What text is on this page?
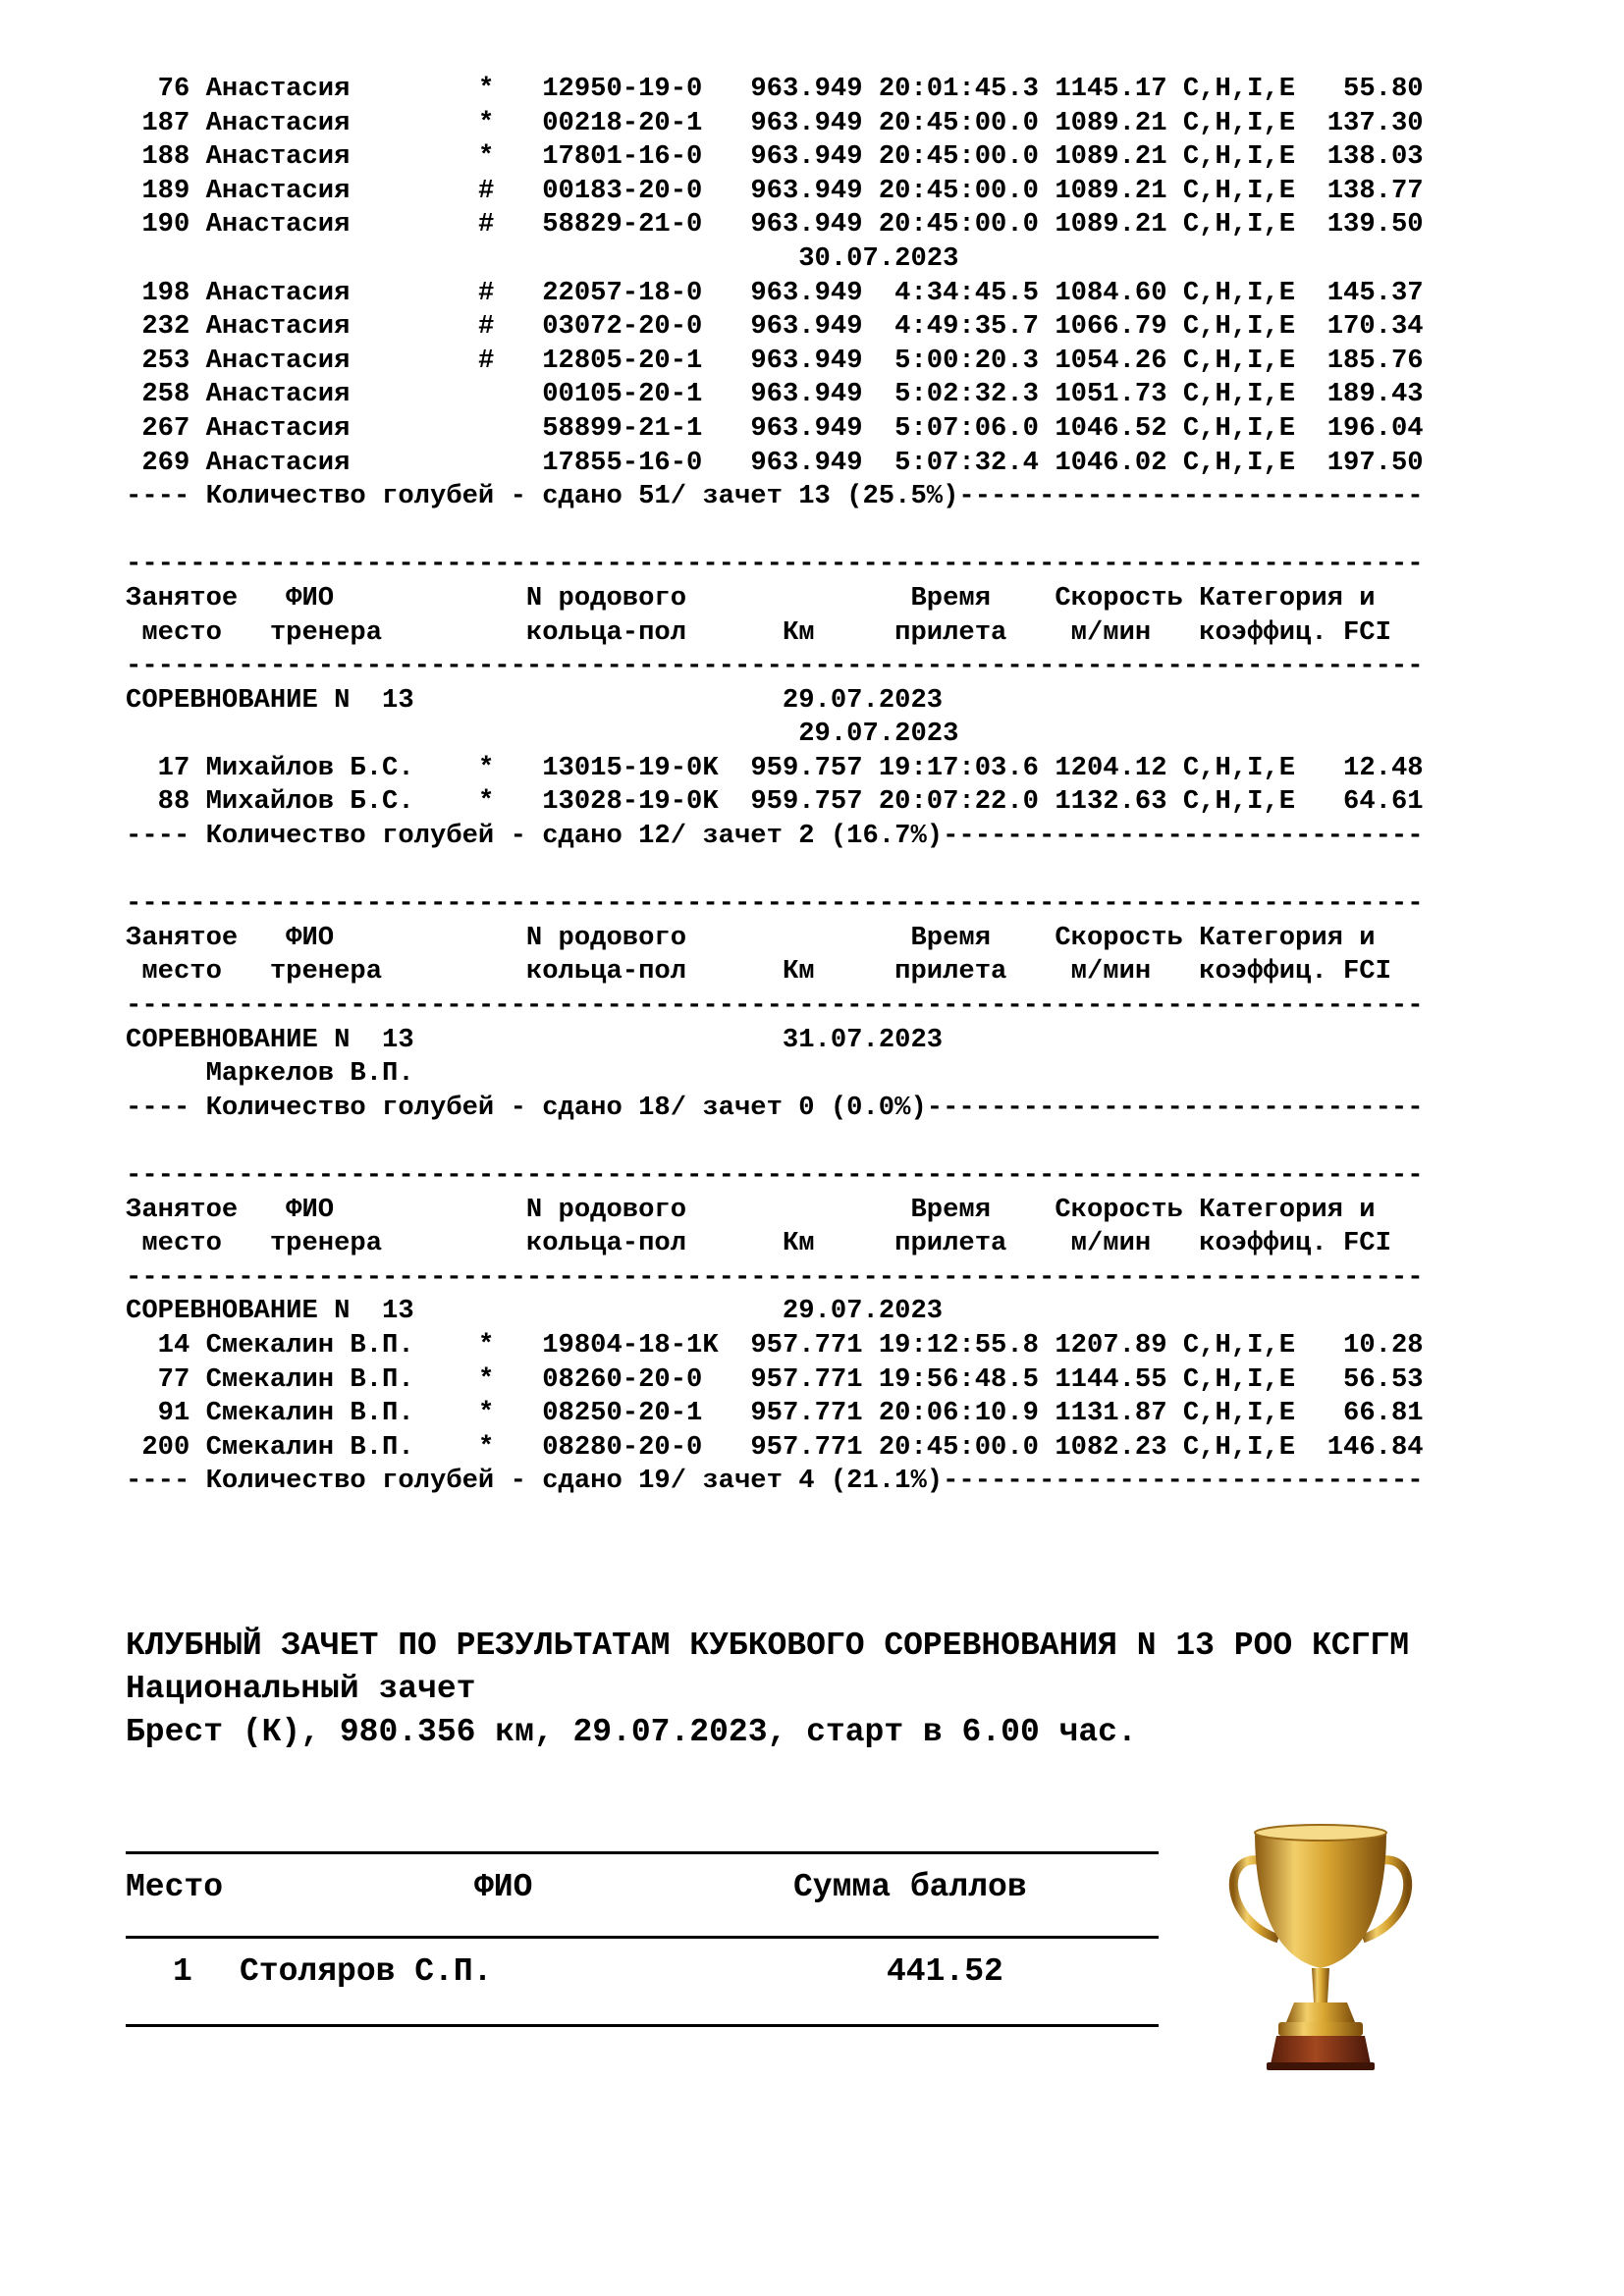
76 Анастасия        *   12950-19-0   963.949 20:01:45.3 1145.17 C,H,I,E   55.80
187 Анастасия        *   00218-20-1   963.949 20:45:00.0 1089.21 C,H,I,E  137.30
188 Анастасия        *   17801-16-0   963.949 20:45:00.0 1089.21 C,H,I,E  138.03
189 Анастасия        #   00183-20-0   963.949 20:45:00.0 1089.21 C,H,I,E  138.77
190 Анастасия        #   58829-21-0   963.949 20:45:00.0 1089.21 C,H,I,E  139.50
30.07.2023
198 Анастасия        #   22057-18-0   963.949  4:34:45.5 1084.60 C,H,I,E  145.37
232 Анастасия        #   03072-20-0   963.949  4:49:35.7 1066.79 C,H,I,E  170.34
253 Анастасия        #   12805-20-1   963.949  5:00:20.3 1054.26 C,H,I,E  185.76
258 Анастасия            00105-20-1   963.949  5:02:32.3 1051.73 C,H,I,E  189.43
267 Анастасия            58899-21-1   963.949  5:07:06.0 1046.52 C,H,I,E  196.04
269 Анастасия            17855-16-0   963.949  5:07:32.4 1046.02 C,H,I,E  197.50
---- Количество голубей - сдано 51/ зачет 13 (25.5%)-----------------------------

---------------------------------------------------------------------------------
Занятое   ФИО            N родового              Время    Скорость Категория и
место   тренера         кольца-пол      Км     прилета    м/мин   коэффиц. FCI
---------------------------------------------------------------------------------
СОРЕВНОВАНИЕ N  13                       29.07.2023
29.07.2023
17 Михайлов Б.С.    *   13015-19-0K  959.757 19:17:03.6 1204.12 C,H,I,E   12.48
88 Михайлов Б.С.    *   13028-19-0K  959.757 20:07:22.0 1132.63 C,H,I,E   64.61
---- Количество голубей - сдано 12/ зачет 2 (16.7%)------------------------------

---------------------------------------------------------------------------------
Занятое   ФИО            N родового              Время    Скорость Категория и
место   тренера         кольца-пол      Км     прилета    м/мин   коэффиц. FCI
---------------------------------------------------------------------------------
СОРЕВНОВАНИЕ N  13                       31.07.2023
Маркелов В.П.
---- Количество голубей - сдано 18/ зачет 0 (0.0%)-------------------------------

---------------------------------------------------------------------------------
Занятое   ФИО            N родового              Время    Скорость Категория и
место   тренера         кольца-пол      Км     прилета    м/мин   коэффиц. FCI
---------------------------------------------------------------------------------
СОРЕВНОВАНИЕ N  13                       29.07.2023
14 Смекалин В.П.    *   19804-18-1K  957.771 19:12:55.8 1207.89 C,H,I,E   10.28
77 Смекалин В.П.    *   08260-20-0   957.771 19:56:48.5 1144.55 C,H,I,E   56.53
91 Смекалин В.П.    *   08250-20-1   957.771 20:06:10.9 1131.87 C,H,I,E   66.81
200 Смекалин В.П.    *   08280-20-0   957.771 20:45:00.0 1082.23 C,H,I,E  146.84
---- Количество голубей - сдано 19/ зачет 4 (21.1%)------------------------------
КЛУБНЫЙ ЗАЧЕТ ПО РЕЗУЛЬТАТАМ КУБКОВОГО СОРЕВНОВАНИЯ N 13 РОО КСГГМ
Национальный зачет
Брест (К), 980.356 км, 29.07.2023, старт в 6.00 час.
Место	ФИО	Сумма баллов
1 Столяров С.П.	441.52
